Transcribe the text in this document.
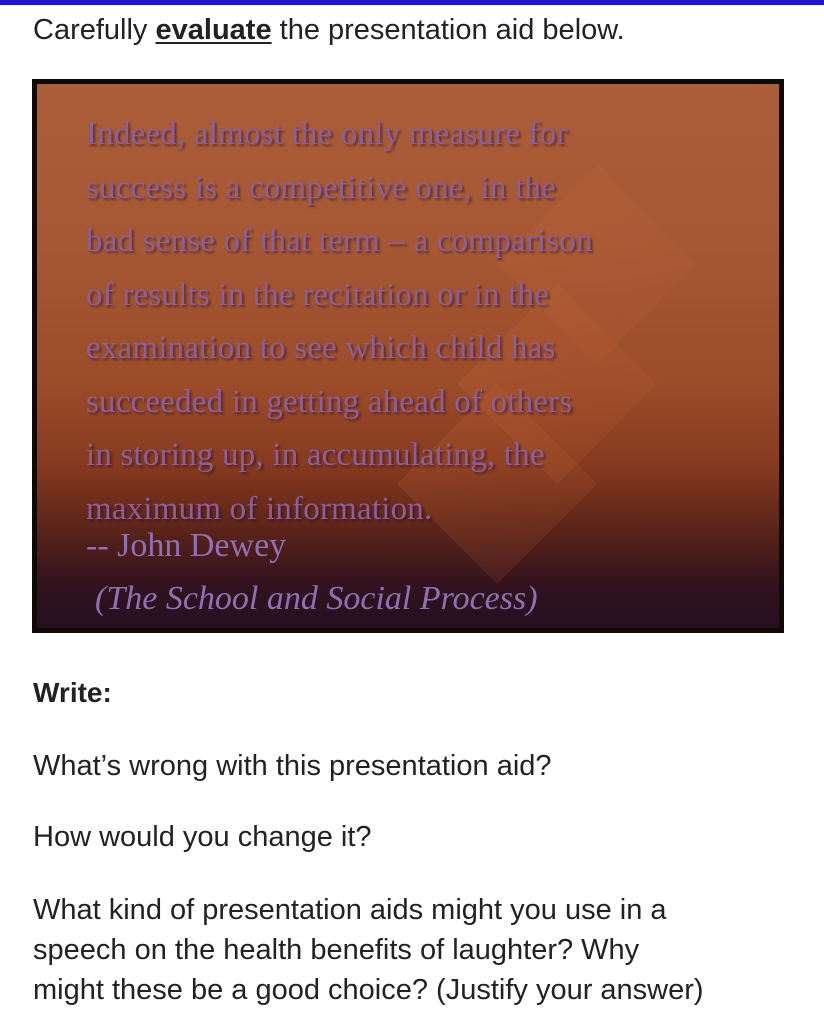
Carefully evaluate the presentation aid below.
Indeed, almost the only measure for
success is a competitive one, in the
bad sense of that term – a comparison
of results in the recitation or in the
examination to see which child has
succeeded in getting ahead of others
in storing up, in accumulating, the
maximum of information.
-- John Dewey
(The School and Social Process)
Write:
What’s wrong with this presentation aid?
How would you change it?
What kind of presentation aids might you use in a
speech on the health benefits of laughter? Why
might these be a good choice? (Justify your answer)
